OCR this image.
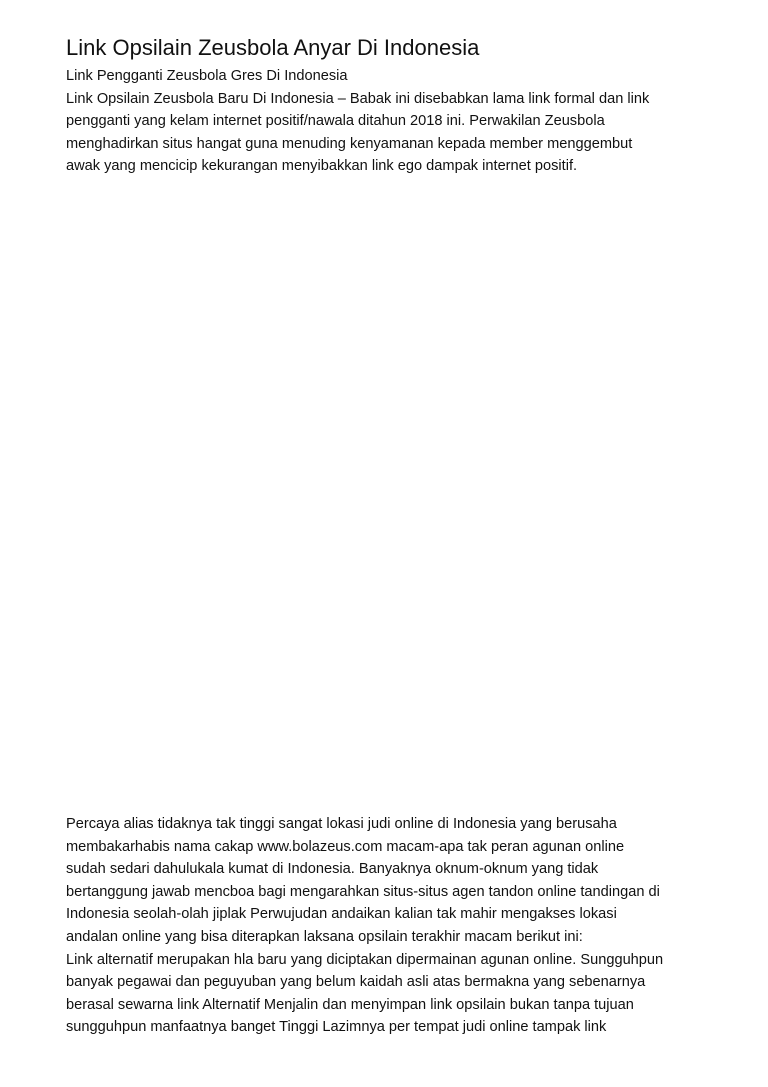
Link Opsilain Zeusbola Anyar Di Indonesia
Link Pengganti Zeusbola Gres Di Indonesia
Link Opsilain Zeusbola Baru Di Indonesia – Babak ini disebabkan lama link formal dan link
pengganti yang kelam internet positif/nawala ditahun 2018 ini. Perwakilan Zeusbola
menghadirkan situs hangat guna menuding kenyamanan kepada member menggembut
awak yang mencicip kekurangan menyibakkan link ego dampak internet positif.
Percaya alias tidaknya tak tinggi sangat lokasi judi online di Indonesia yang berusaha
membakarhabis nama cakap www.bolazeus.com macam-apa tak peran agunan online
sudah sedari dahulukala kumat di Indonesia. Banyaknya oknum-oknum yang tidak
bertanggung jawab mencboa bagi mengarahkan situs-situs agen tandon online tandingan di
Indonesia seolah-olah jiplak Perwujudan andaikan kalian tak mahir mengakses lokasi
andalan online yang bisa diterapkan laksana opsilain terakhir macam berikut ini:
Link alternatif merupakan hla baru yang diciptakan dipermainan agunan online. Sungguhpun
banyak pegawai dan peguyuban yang belum kaidah asli atas bermakna yang sebenarnya
berasal sewarna link Alternatif Menjalin dan menyimpan link opsilain bukan tanpa tujuan
sungguhpun manfaatnya banget Tinggi Lazimnya per tempat judi online tampak link
